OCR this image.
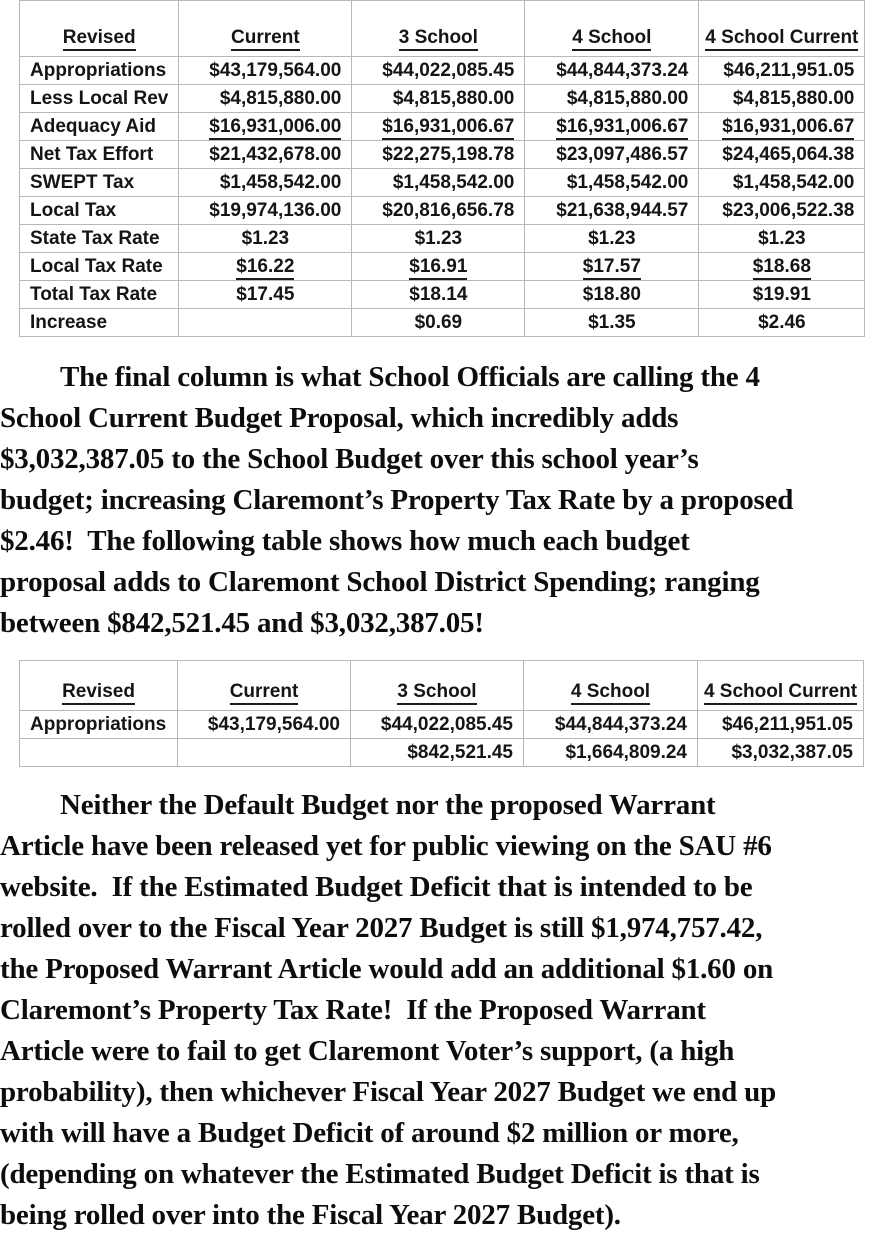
Revised	Current	3 School	4 School	4 School Current
Appropriations	$43,179,564.00	$44,022,085.45	$44,844,373.24	$46,211,951.05
Less Local Rev	$4,815,880.00	$4,815,880.00	$4,815,880.00	$4,815,880.00
Adequacy Aid	$16,931,006.00	$16,931,006.67	$16,931,006.67	$16,931,006.67
Net Tax Effort	$21,432,678.00	$22,275,198.78	$23,097,486.57	$24,465,064.38
SWEPT Tax	$1,458,542.00	$1,458,542.00	$1,458,542.00	$1,458,542.00
Local Tax	$19,974,136.00	$20,816,656.78	$21,638,944.57	$23,006,522.38
State Tax Rate	$1.23	$1.23	$1.23	$1.23
Local Tax Rate	$16.22	$16.91	$17.57	$18.68
Total Tax Rate	$17.45	$18.14	$18.80	$19.91
Increase		$0.69	$1.35	$2.46
The final column is what School Officials are calling the 4
School Current Budget Proposal, which incredibly adds
$3,032,387.05 to the School Budget over this school year’s
budget; increasing Claremont’s Property Tax Rate by a proposed
$2.46!  The following table shows how much each budget
proposal adds to Claremont School District Spending; ranging
between $842,521.45 and $3,032,387.05!
Revised	Current	3 School	4 School	4 School Current
Appropriations	$43,179,564.00	$44,022,085.45	$44,844,373.24	$46,211,951.05
		$842,521.45	$1,664,809.24	$3,032,387.05
Neither the Default Budget nor the proposed Warrant
Article have been released yet for public viewing on the SAU #6
website.  If the Estimated Budget Deficit that is intended to be
rolled over to the Fiscal Year 2027 Budget is still $1,974,757.42,
the Proposed Warrant Article would add an additional $1.60 on
Claremont’s Property Tax Rate!  If the Proposed Warrant
Article were to fail to get Claremont Voter’s support, (a high
probability), then whichever Fiscal Year 2027 Budget we end up
with will have a Budget Deficit of around $2 million or more,
(depending on whatever the Estimated Budget Deficit is that is
being rolled over into the Fiscal Year 2027 Budget).
